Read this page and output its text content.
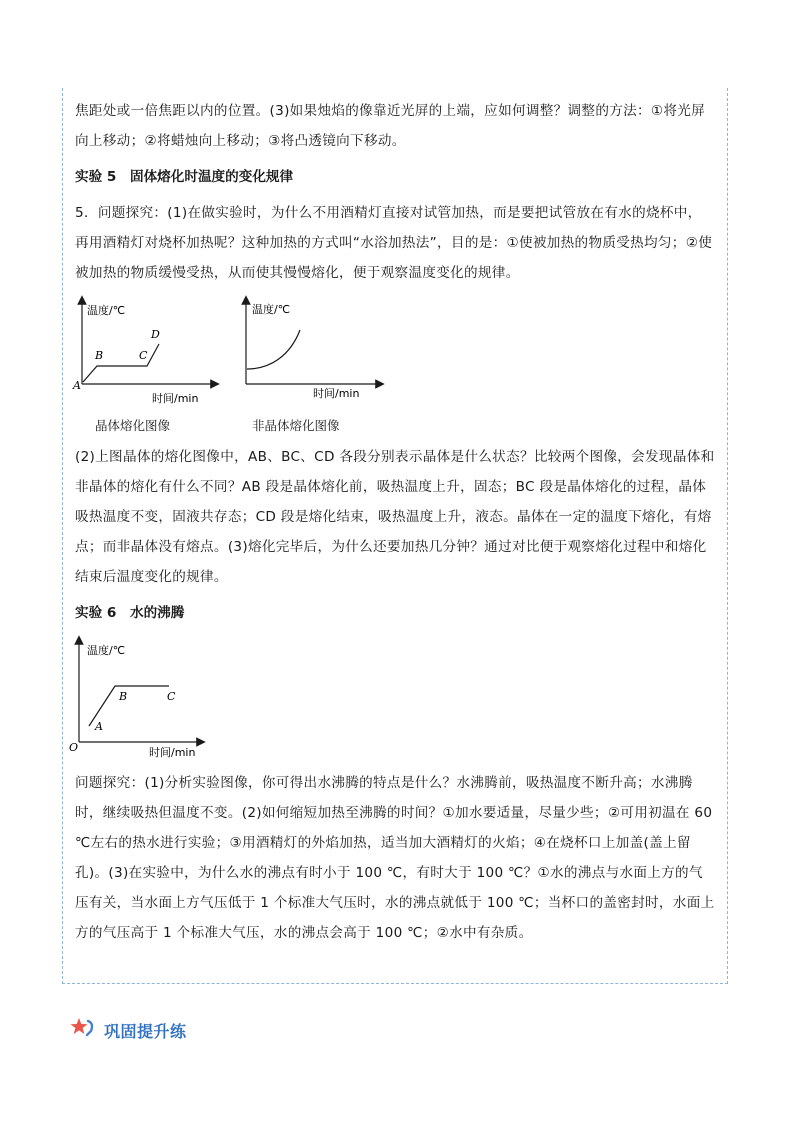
焦距处或一倍焦距以内的位置。(3)如果烛焰的像靠近光屏的上端，应如何调整？调整的方法：①将光屏向上移动；②将蜡烛向上移动；③将凸透镜向下移动。

实验 5　固体熔化时温度的变化规律

5．问题探究：(1)在做实验时，为什么不用酒精灯直接对试管加热，而是要把试管放在有水的烧杯中，再用酒精灯对烧杯加热呢？这种加热的方式叫“水浴加热法”，目的是：①使被加热的物质受热均匀；②使被加热的物质缓慢受热，从而使其慢慢熔化，便于观察温度变化的规律。

温度/℃
时间/min
A
B	C
D
晶体熔化图像
温度/℃
时间/min
非晶体熔化图像

(2)上图晶体的熔化图像中，AB、BC、CD 各段分别表示晶体是什么状态？比较两个图像，会发现晶体和非晶体的熔化有什么不同？AB 段是晶体熔化前，吸热温度上升，固态；BC 段是晶体熔化的过程，晶体吸热温度不变，固液共存态；CD 段是熔化结束，吸热温度上升，液态。晶体在一定的温度下熔化，有熔点；而非晶体没有熔点。(3)熔化完毕后，为什么还要加热几分钟？通过对比便于观察熔化过程中和熔化结束后温度变化的规律。

实验 6　水的沸腾
温度/℃
时间/min
O
A
B	C

问题探究：(1)分析实验图像，你可得出水沸腾的特点是什么？水沸腾前，吸热温度不断升高；水沸腾时，继续吸热但温度不变。(2)如何缩短加热至沸腾的时间？①加水要适量，尽量少些；②可用初温在 60 ℃左右的热水进行实验；③用酒精灯的外焰加热，适当加大酒精灯的火焰；④在烧杯口上加盖(盖上留孔)。(3)在实验中，为什么水的沸点有时小于 100 ℃，有时大于 100 ℃？①水的沸点与水面上方的气压有关，当水面上方气压低于 1 个标准大气压时，水的沸点就低于 100 ℃；当杯口的盖密封时，水面上方的气压高于 1 个标准大气压，水的沸点会高于 100 ℃；②水中有杂质。

巩固提升练
